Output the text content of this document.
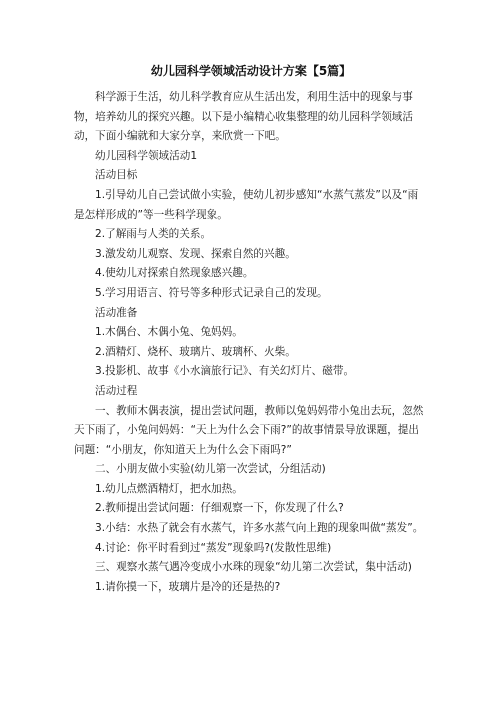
幼儿园科学领域活动设计方案【5篇】

科学源于生活，幼儿科学教育应从生活出发，利用生活中的现象与事物，培养幼儿的探究兴趣。以下是小编精心收集整理的幼儿园科学领域活动，下面小编就和大家分享，来欣赏一下吧。

幼儿园科学领域活动1

活动目标

1.引导幼儿自己尝试做小实验，使幼儿初步感知“水蒸气蒸发”以及“雨是怎样形成的”等一些科学现象。

2.了解雨与人类的关系。

3.激发幼儿观察、发现、探索自然的兴趣。

4.使幼儿对探索自然现象感兴趣。

5.学习用语言、符号等多种形式记录自己的发现。

活动准备

1.木偶台、木偶小兔、兔妈妈。

2.酒精灯、烧杯、玻璃片、玻璃杯、火柴。

3.投影机、故事《小水滴旅行记》、有关幻灯片、磁带。

活动过程

一、教师木偶表演，提出尝试问题，教师以兔妈妈带小兔出去玩，忽然天下雨了，小兔问妈妈：“天上为什么会下雨?”的故事情景导放课题，提出问题：“小朋友，你知道天上为什么会下雨吗?”

二、小朋友做小实验(幼儿第一次尝试，分组活动)

1.幼儿点燃酒精灯，把水加热。

2.教师提出尝试问题：仔细观察一下，你发现了什么?

3.小结：水热了就会有水蒸气，许多水蒸气向上跑的现象叫做“蒸发”。

4.讨论：你平时看到过“蒸发”现象吗?(发散性思维)

三、观察水蒸气遇冷变成小水珠的现象“幼儿第二次尝试，集中活动)

1.请你摸一下，玻璃片是冷的还是热的?
